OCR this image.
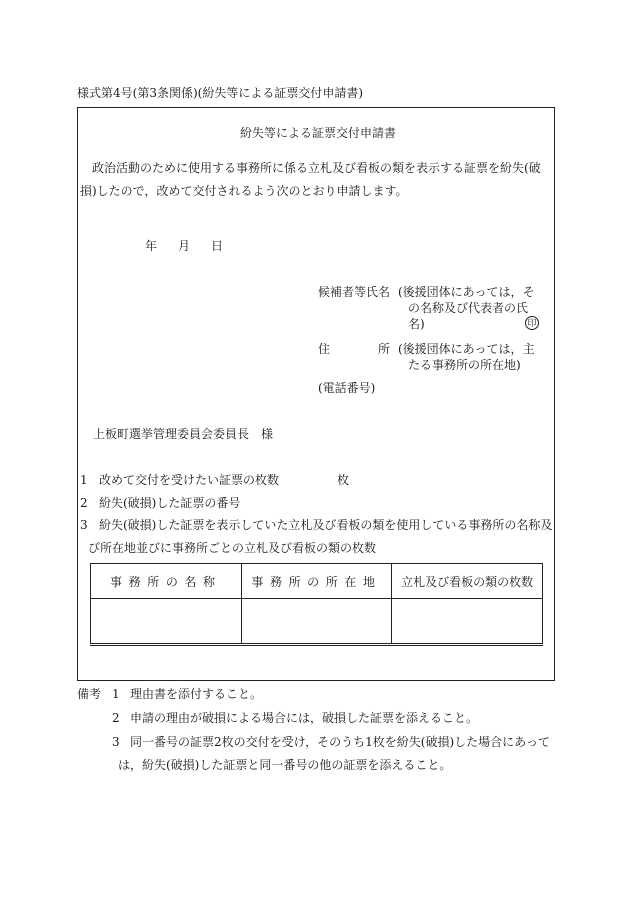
様式第4号(第3条関係)(紛失等による証票交付申請書)
紛失等による証票交付申請書
政治活動のために使用する事務所に係る立札及び看板の類を表示する証票を紛失(破
損)したので，改めて交付されるよう次のとおり申請します。
年 月 日
候補者等氏名 (後援団体にあっては，そ
の名称及び代表者の氏
名)	印
住	所 (後援団体にあっては，主
たる事務所の所在地)
(電話番号)
上板町選挙管理委員会委員長　様
1 改めて交付を受けたい証票の枚数	枚
2 紛失(破損)した証票の番号
3 紛失(破損)した証票を表示していた立札及び看板の類を使用している事務所の名称及
び所在地並びに事務所ごとの立札及び看板の類の枚数
事務所の名称	事務所の所在地	立札及び看板の類の枚数

備考 1 理由書を添付すること。
2 申請の理由が破損による場合には，破損した証票を添えること。
3 同一番号の証票2枚の交付を受け，そのうち1枚を紛失(破損)した場合にあって
は，紛失(破損)した証票と同一番号の他の証票を添えること。
